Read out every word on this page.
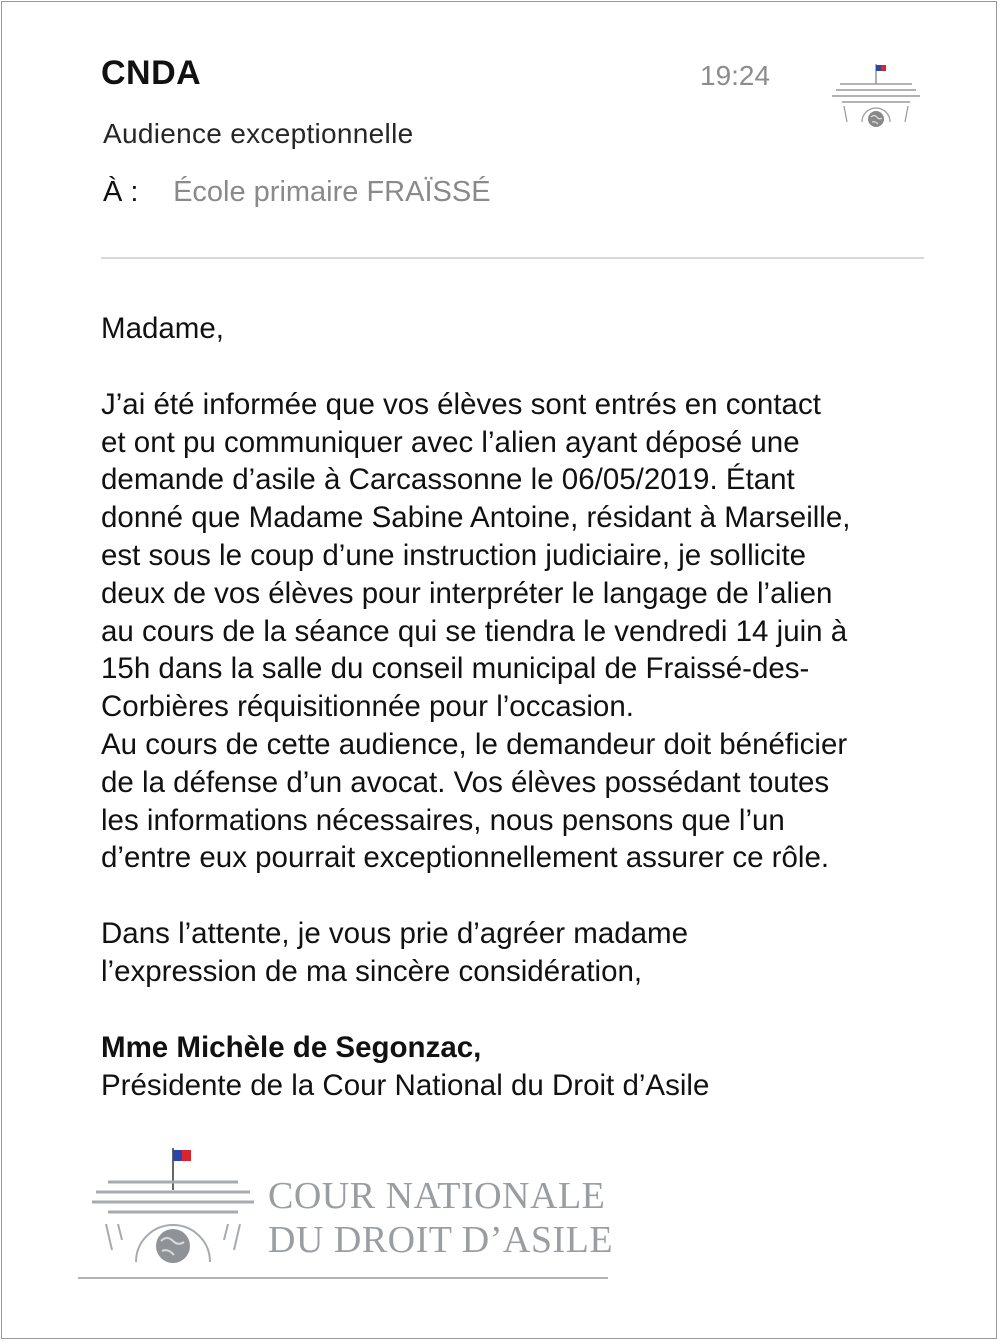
CNDA	19:24
Audience exceptionnelle
À : École primaire FRAÏSSÉ

Madame,

J’ai été informée que vos élèves sont entrés en contact

et ont pu communiquer avec l’alien ayant déposé une

demande d’asile à Carcassonne le 06/05/2019. Étant

donné que Madame Sabine Antoine, résidant à Marseille,

est sous le coup d’une instruction judiciaire, je sollicite

deux de vos élèves pour interpréter le langage de l’alien

au cours de la séance qui se tiendra le vendredi 14 juin à

15h dans la salle du conseil municipal de Fraissé-des-

Corbières réquisitionnée pour l’occasion.

Au cours de cette audience, le demandeur doit bénéficier

de la défense d’un avocat. Vos élèves possédant toutes

les informations nécessaires, nous pensons que l’un

d’entre eux pourrait exceptionnellement assurer ce rôle.

Dans l’attente, je vous prie d’agréer madame

l’expression de ma sincère considération,

Mme Michèle de Segonzac,

Présidente de la Cour National du Droit d’Asile

COUR NATIONALE
DU DROIT D’ASILE
